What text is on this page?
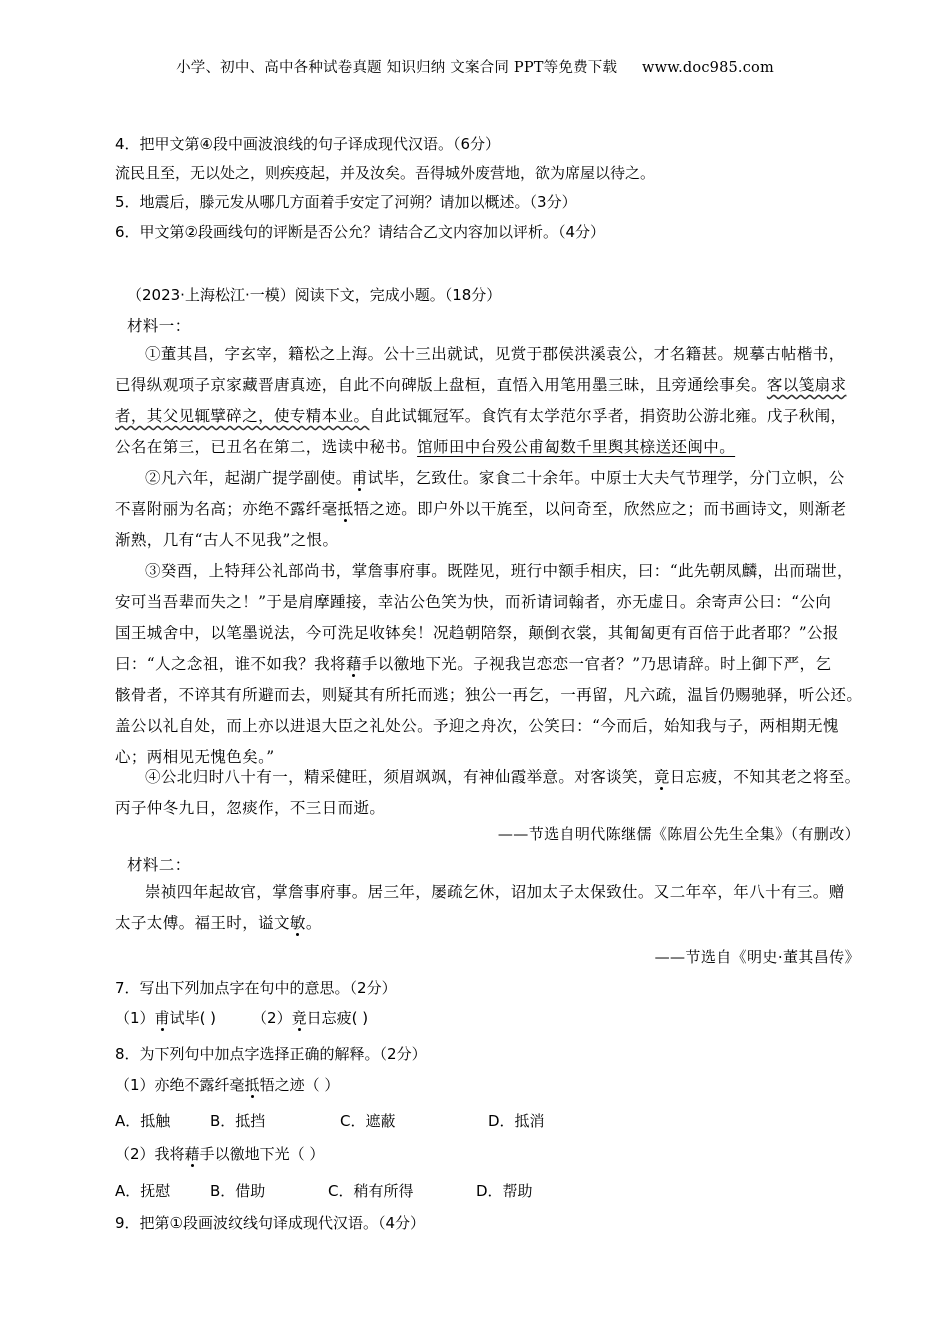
小学、初中、高中各种试卷真题 知识归纳 文案合同 PPT等免费下载 www.doc985.com
4．把甲文第④段中画波浪线的句子译成现代汉语。（6分）
流民且至，无以处之，则疾疫起，并及汝矣。吾得城外废营地，欲为席屋以待之。
5．地震后，滕元发从哪几方面着手安定了河朔？请加以概述。（3分）
6．甲文第②段画线句的评断是否公允？请结合乙文内容加以评析。（4分）
（2023·上海松江·一模）阅读下文，完成小题。（18分）
材料一：
①董其昌，字玄宰，籍松之上海。公十三出就试，见赏于郡侯洪溪袁公，才名籍甚。规摹古帖楷书，
已得纵观项子京家藏晋唐真迹，自此不向碑版上盘桓，直悟入用笔用墨三昧，且旁通绘事矣。客以笺扇求
者，其父见辄擘碎之，使专精本业。自此试辄冠军。食饩有太学范尔孚者，捐资助公游北雍。戊子秋闱，
公名在第三，已丑名在第二，选读中秘书。馆师田中台殁公甫匐数千里舆其榇送还闽中。
②凡六年，起湖广提学副使。甫试毕，乞致仕。家食二十余年。中原士大夫气节理学，分门立帜，公
不喜附丽为名高；亦绝不露纤毫抵牾之迹。即户外以干旄至，以问奇至，欣然应之；而书画诗文，则渐老
渐熟，几有“古人不见我”之恨。
③癸酉，上特拜公礼部尚书，掌詹事府事。既陛见，班行中额手相庆，曰：“此先朝凤麟，出而瑞世，
安可当吾辈而失之！”于是肩摩踵接，幸沾公色笑为快，而祈请词翰者，亦无虚日。余寄声公曰：“公向
国王城舍中，以笔墨说法，今可洗足收钵矣！况趋朝陪祭，颠倒衣裳，其匍匐更有百倍于此者耶？”公报
曰：“人之念祖，谁不如我？我将藉手以徼地下光。子视我岂恋恋一官者？”乃思请辞。时上御下严，乞
骸骨者，不谇其有所避而去，则疑其有所托而逃；独公一再乞，一再留，凡六疏，温旨仍赐驰驿，听公还。
盖公以礼自处，而上亦以进退大臣之礼处公。予迎之舟次，公笑曰：“今而后，始知我与子，两相期无愧
心；两相见无愧色矣。”
④公北归时八十有一，精采健旺，须眉飒飒，有神仙霞举意。对客谈笑，竟日忘疲，不知其老之将至。
丙子仲冬九日，忽痰作，不三日而逝。
——节选自明代陈继儒《陈眉公先生全集》（有删改）
材料二：
崇祯四年起故官，掌詹事府事。居三年，屡疏乞休，诏加太子太保致仕。又二年卒，年八十有三。赠
太子太傅。福王时，谥文敏。
——节选自《明史·董其昌传》
7．写出下列加点字在句中的意思。（2分）
（1）甫试毕( ) （2）竟日忘疲( )
8．为下列句中加点字选择正确的解释。（2分）
（1）亦绝不露纤毫抵牾之迹（ ）
A．抵触	B．抵挡	C．遮蔽	D．抵消
（2）我将藉手以徼地下光（ ）
A．抚慰	B．借助	C．稍有所得	D．帮助
9．把第①段画波纹线句译成现代汉语。（4分）
